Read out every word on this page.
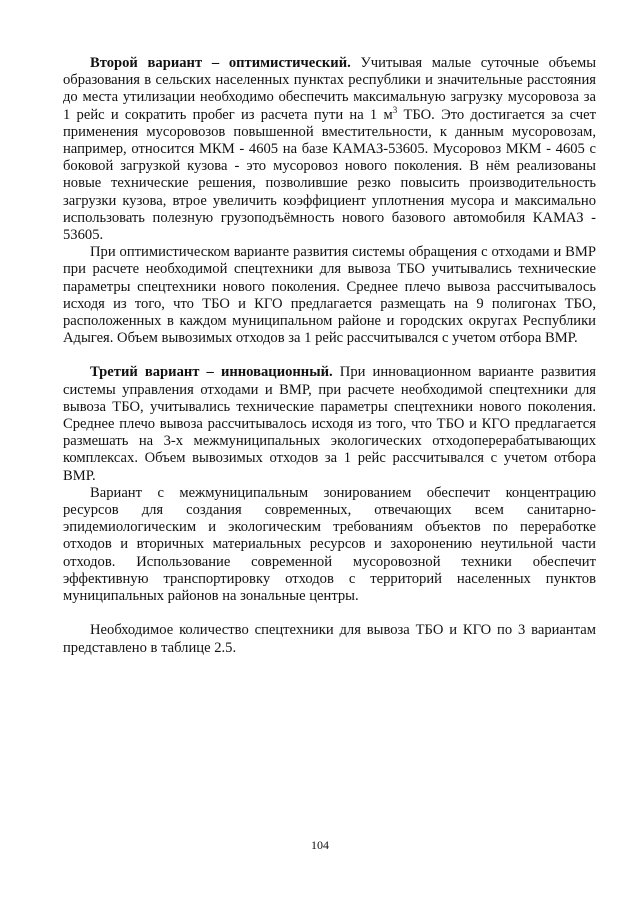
Второй вариант – оптимистический. Учитывая малые суточные объемы образования в сельских населенных пунктах республики и значительные расстояния до места утилизации необходимо обеспечить максимальную загрузку мусоровоза за 1 рейс и сократить пробег из расчета пути на 1 $м^3$ ТБО. Это достигается за счет применения мусоровозов повышенной вместительности, к данным мусоровозам, например, относится МКМ - 4605 на базе КАМАЗ-53605. Мусоровоз МКМ - 4605 с боковой загрузкой кузова - это мусоровоз нового поколения. В нём реализованы новые технические решения, позволившие резко повысить производительность загрузки кузова, втрое увеличить коэффициент уплотнения мусора и максимально использовать полезную грузоподъёмность нового базового автомобиля КАМАЗ - 53605.

При оптимистическом варианте развития системы обращения с отходами и ВМР при расчете необходимой спецтехники для вывоза ТБО учитывались технические параметры спецтехники нового поколения. Среднее плечо вывоза рассчитывалось исходя из того, что ТБО и КГО предлагается размещать на 9 полигонах ТБО, расположенных в каждом муниципальном районе и городских округах Республики Адыгея. Объем вывозимых отходов за 1 рейс рассчитывался с учетом отбора ВМР.

Третий вариант – инновационный. При инновационном варианте развития системы управления отходами и ВМР, при расчете необходимой спецтехники для вывоза ТБО, учитывались технические параметры спецтехники нового поколения. Среднее плечо вывоза рассчитывалось исходя из того, что ТБО и КГО предлагается размешать на 3-х межмуниципальных экологических отходоперерабатывающих комплексах. Объем вывозимых отходов за 1 рейс рассчитывался с учетом отбора ВМР.

Вариант с межмуниципальным зонированием обеспечит концентрацию ресурсов для создания современных, отвечающих всем санитарно-эпидемиологическим и экологическим требованиям объектов по переработке отходов и вторичных материальных ресурсов и захоронению неутильной части отходов. Использование современной мусоровозной техники обеспечит эффективную транспортировку отходов с территорий населенных пунктов муниципальных районов на зональные центры.

Необходимое количество спецтехники для вывоза ТБО и КГО по 3 вариантам представлено в таблице 2.5.

104
